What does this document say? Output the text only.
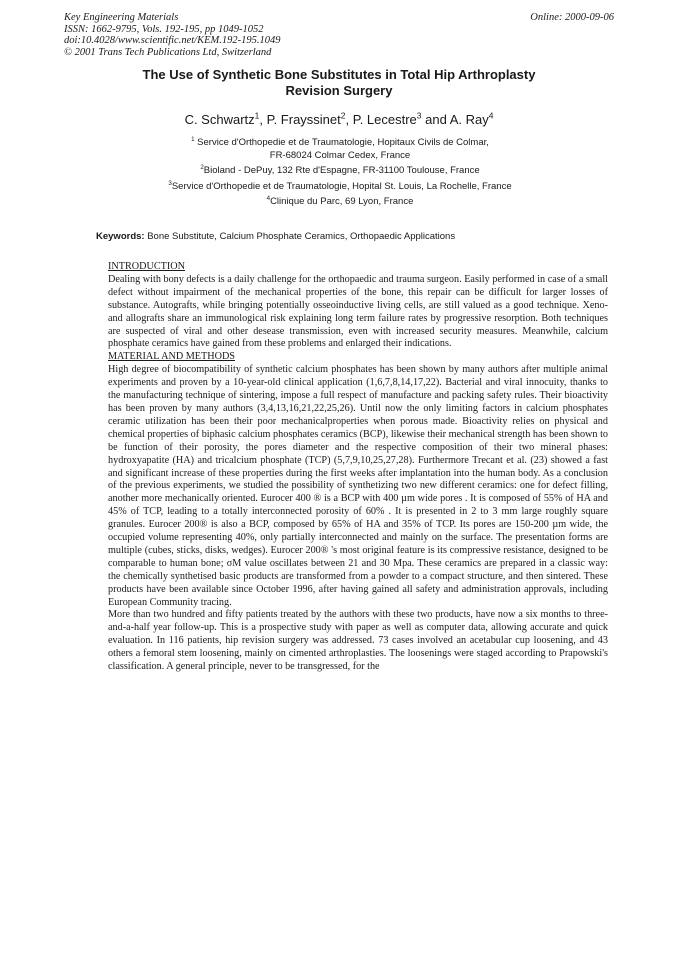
Key Engineering Materials
ISSN: 1662-9795, Vols. 192-195, pp 1049-1052
doi:10.4028/www.scientific.net/KEM.192-195.1049
© 2001 Trans Tech Publications Ltd, Switzerland
Online: 2000-09-06
The Use of Synthetic Bone Substitutes in Total Hip Arthroplasty
Revision Surgery
C. Schwartz$^1$, P. Frayssinet$^2$, P. Lecestre$^3$ and A. Ray$^4$
$^1$ Service d'Orthopedie et de Traumatologie, Hopitaux Civils de Colmar,
FR-68024 Colmar Cedex, France
$^2$Bioland - DePuy, 132 Rte d'Espagne, FR-31100 Toulouse, France
$^3$Service d'Orthopedie et de Traumatologie, Hopital St. Louis, La Rochelle, France
$^4$Clinique du Parc, 69 Lyon, France
Keywords: Bone Substitute, Calcium Phosphate Ceramics, Orthopaedic Applications
INTRODUCTION

Dealing with bony defects is a daily challenge for the orthopaedic and trauma surgeon. Easily performed in case of a small defect without impairment of the mechanical properties of the bone, this repair can be difficult for larger losses of substance. Autografts, while bringing potentially osseoinductive living cells, are still valued as a good technique. Xeno- and allografts share an immunological risk explaining long term failure rates by progressive resorption. Both techniques are suspected of viral and other desease transmission, even with increased security measures. Meanwhile, calcium phosphate ceramics have gained from these problems and enlarged their indications.

MATERIAL AND METHODS

High degree of biocompatibility of synthetic calcium phosphates has been shown by many authors after multiple animal experiments and proven by a 10-year-old clinical application (1,6,7,8,14,17,22). Bacterial and viral innocuity, thanks to the manufacturing technique of sintering, impose a full respect of manufacture and packing safety rules. Their bioactivity has been proven by many authors (3,4,13,16,21,22,25,26). Until now the only limiting factors in calcium phosphates ceramic utilization has been their poor mechanicalproperties when porous made. Bioactivity relies on physical and chemical properties of biphasic calcium phosphates ceramics (BCP), likewise their mechanical strength has been shown to be function of their porosity, the pores diameter and the respective composition of their two mineral phases: hydroxyapatite (HA) and tricalcium phosphate (TCP) (5,7,9,10,25,27,28). Furthermore Trecant et al. (23) showed a fast and significant increase of these properties during the first weeks after implantation into the human body. As a conclusion of the previous experiments, we studied the possibility of synthetizing two new different ceramics: one for defect filling, another more mechanically oriented. Eurocer 400 ® is a BCP with 400 µm wide pores . It is composed of 55% of HA and 45% of TCP, leading to a totally interconnected porosity of 60% . It is presented in 2 to 3 mm large roughly square granules. Eurocer 200® is also a BCP, composed by 65% of HA and 35% of TCP. Its pores are 150-200 µm wide, the occupied volume representing 40%, only partially interconnected and mainly on the surface. The presentation forms are multiple (cubes, sticks, disks, wedges). Eurocer 200® 's most original feature is its compressive resistance, designed to be comparable to human bone; σM value oscillates between 21 and 30 Mpa. These ceramics are prepared in a classic way: the chemically synthetised basic products are transformed from a powder to a compact structure, and then sintered. These products have been available since October 1996, after having gained all safety and administration approvals, including European Community tracing.

More than two hundred and fifty patients treated by the authors with these two products, have now a six months to three-and-a-half year follow-up. This is a prospective study with paper as well as computer data, allowing accurate and quick evaluation. In 116 patients, hip revision surgery was addressed. 73 cases involved an acetabular cup loosening, and 43 others a femoral stem loosening, mainly on cimented arthroplasties. The loosenings were staged according to Prapowski's classification. A general principle, never to be transgressed, for the
